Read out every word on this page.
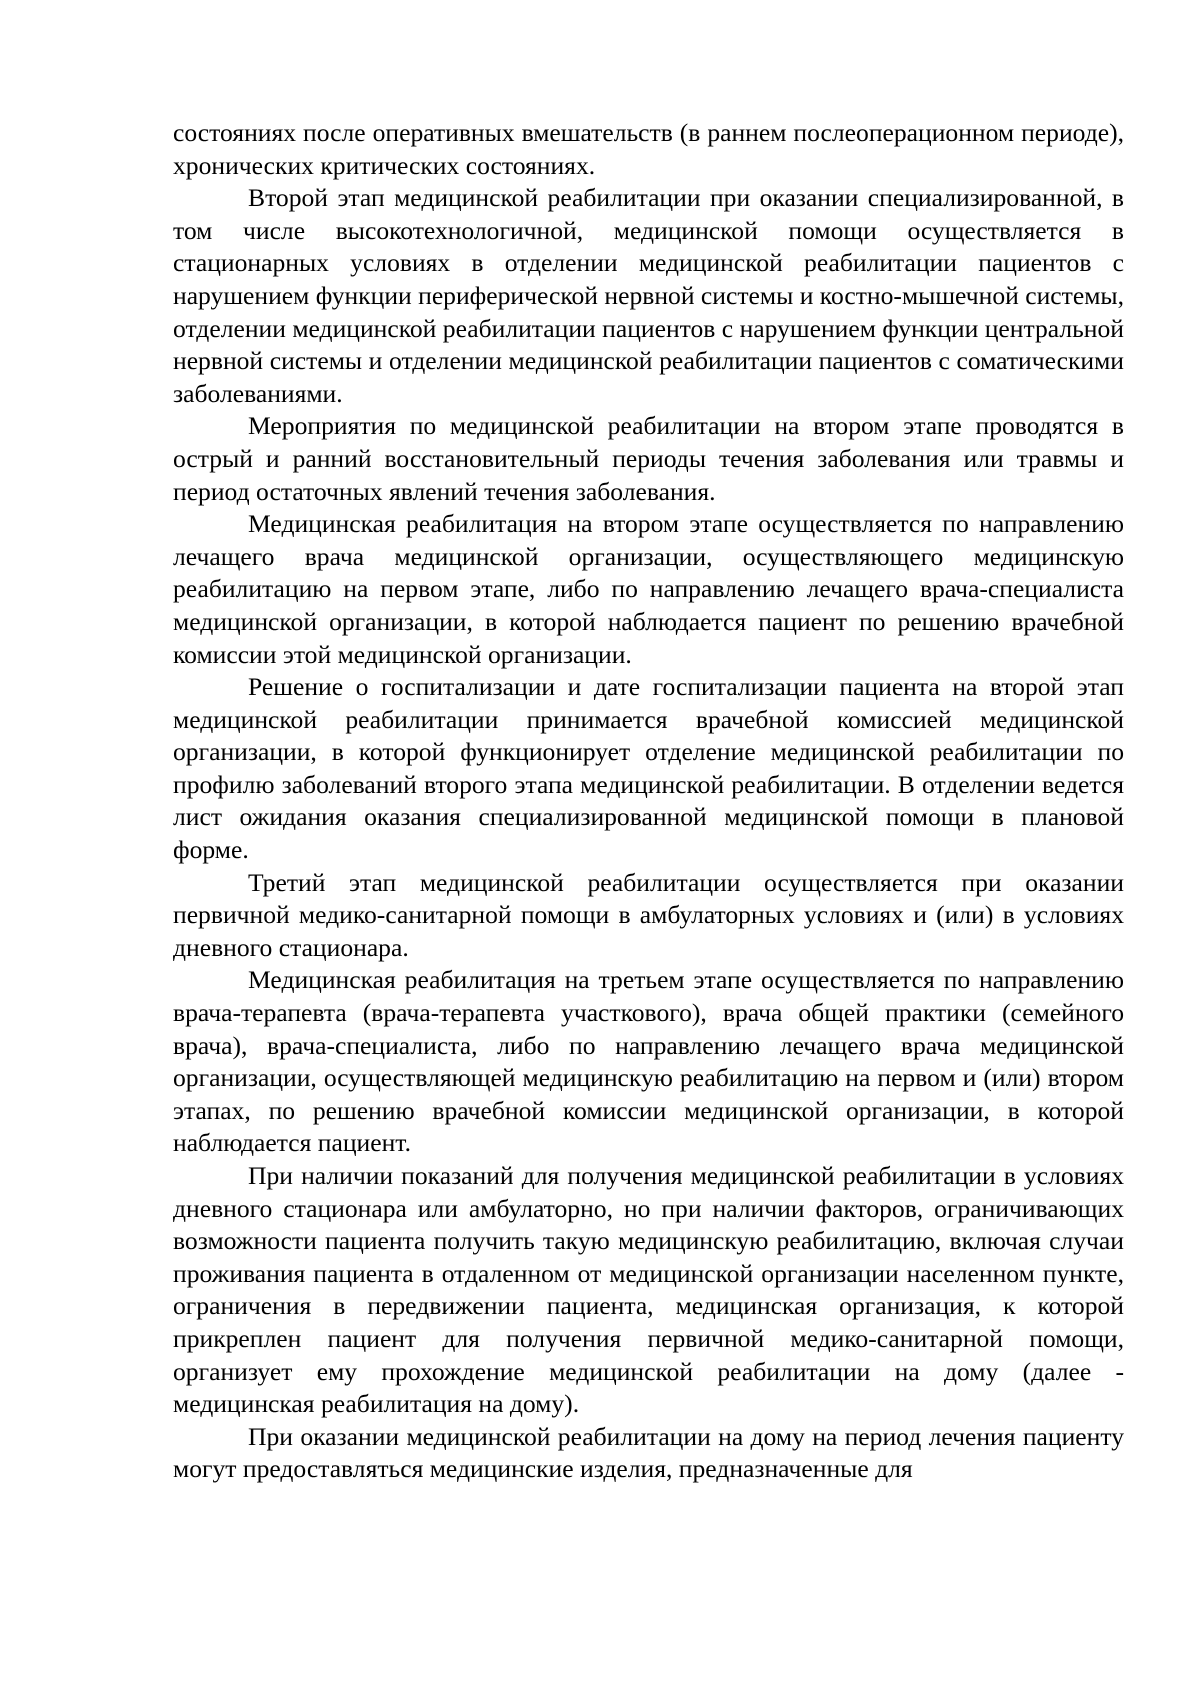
состояниях после оперативных вмешательств (в раннем послеоперационном периоде), хронических критических состояниях.

Второй этап медицинской реабилитации при оказании специализированной, в том числе высокотехнологичной, медицинской помощи осуществляется в стационарных условиях в отделении медицинской реабилитации пациентов с нарушением функции периферической нервной системы и костно-мышечной системы, отделении медицинской реабилитации пациентов с нарушением функции центральной нервной системы и отделении медицинской реабилитации пациентов с соматическими заболеваниями.

Мероприятия по медицинской реабилитации на втором этапе проводятся в острый и ранний восстановительный периоды течения заболевания или травмы и период остаточных явлений течения заболевания.

Медицинская реабилитация на втором этапе осуществляется по направлению лечащего врача медицинской организации, осуществляющего медицинскую реабилитацию на первом этапе, либо по направлению лечащего врача-специалиста медицинской организации, в которой наблюдается пациент по решению врачебной комиссии этой медицинской организации.

Решение о госпитализации и дате госпитализации пациента на второй этап медицинской реабилитации принимается врачебной комиссией медицинской организации, в которой функционирует отделение медицинской реабилитации по профилю заболеваний второго этапа медицинской реабилитации. В отделении ведется лист ожидания оказания специализированной медицинской помощи в плановой форме.

Третий этап медицинской реабилитации осуществляется при оказании первичной медико-санитарной помощи в амбулаторных условиях и (или) в условиях дневного стационара.

Медицинская реабилитация на третьем этапе осуществляется по направлению врача-терапевта (врача-терапевта участкового), врача общей практики (семейного врача), врача-специалиста, либо по направлению лечащего врача медицинской организации, осуществляющей медицинскую реабилитацию на первом и (или) втором этапах, по решению врачебной комиссии медицинской организации, в которой наблюдается пациент.

При наличии показаний для получения медицинской реабилитации в условиях дневного стационара или амбулаторно, но при наличии факторов, ограничивающих возможности пациента получить такую медицинскую реабилитацию, включая случаи проживания пациента в отдаленном от медицинской организации населенном пункте, ограничения в передвижении пациента, медицинская организация, к которой прикреплен пациент для получения первичной медико-санитарной помощи, организует ему прохождение медицинской реабилитации на дому (далее - медицинская реабилитация на дому).

При оказании медицинской реабилитации на дому на период лечения пациенту могут предоставляться медицинские изделия, предназначенные для
